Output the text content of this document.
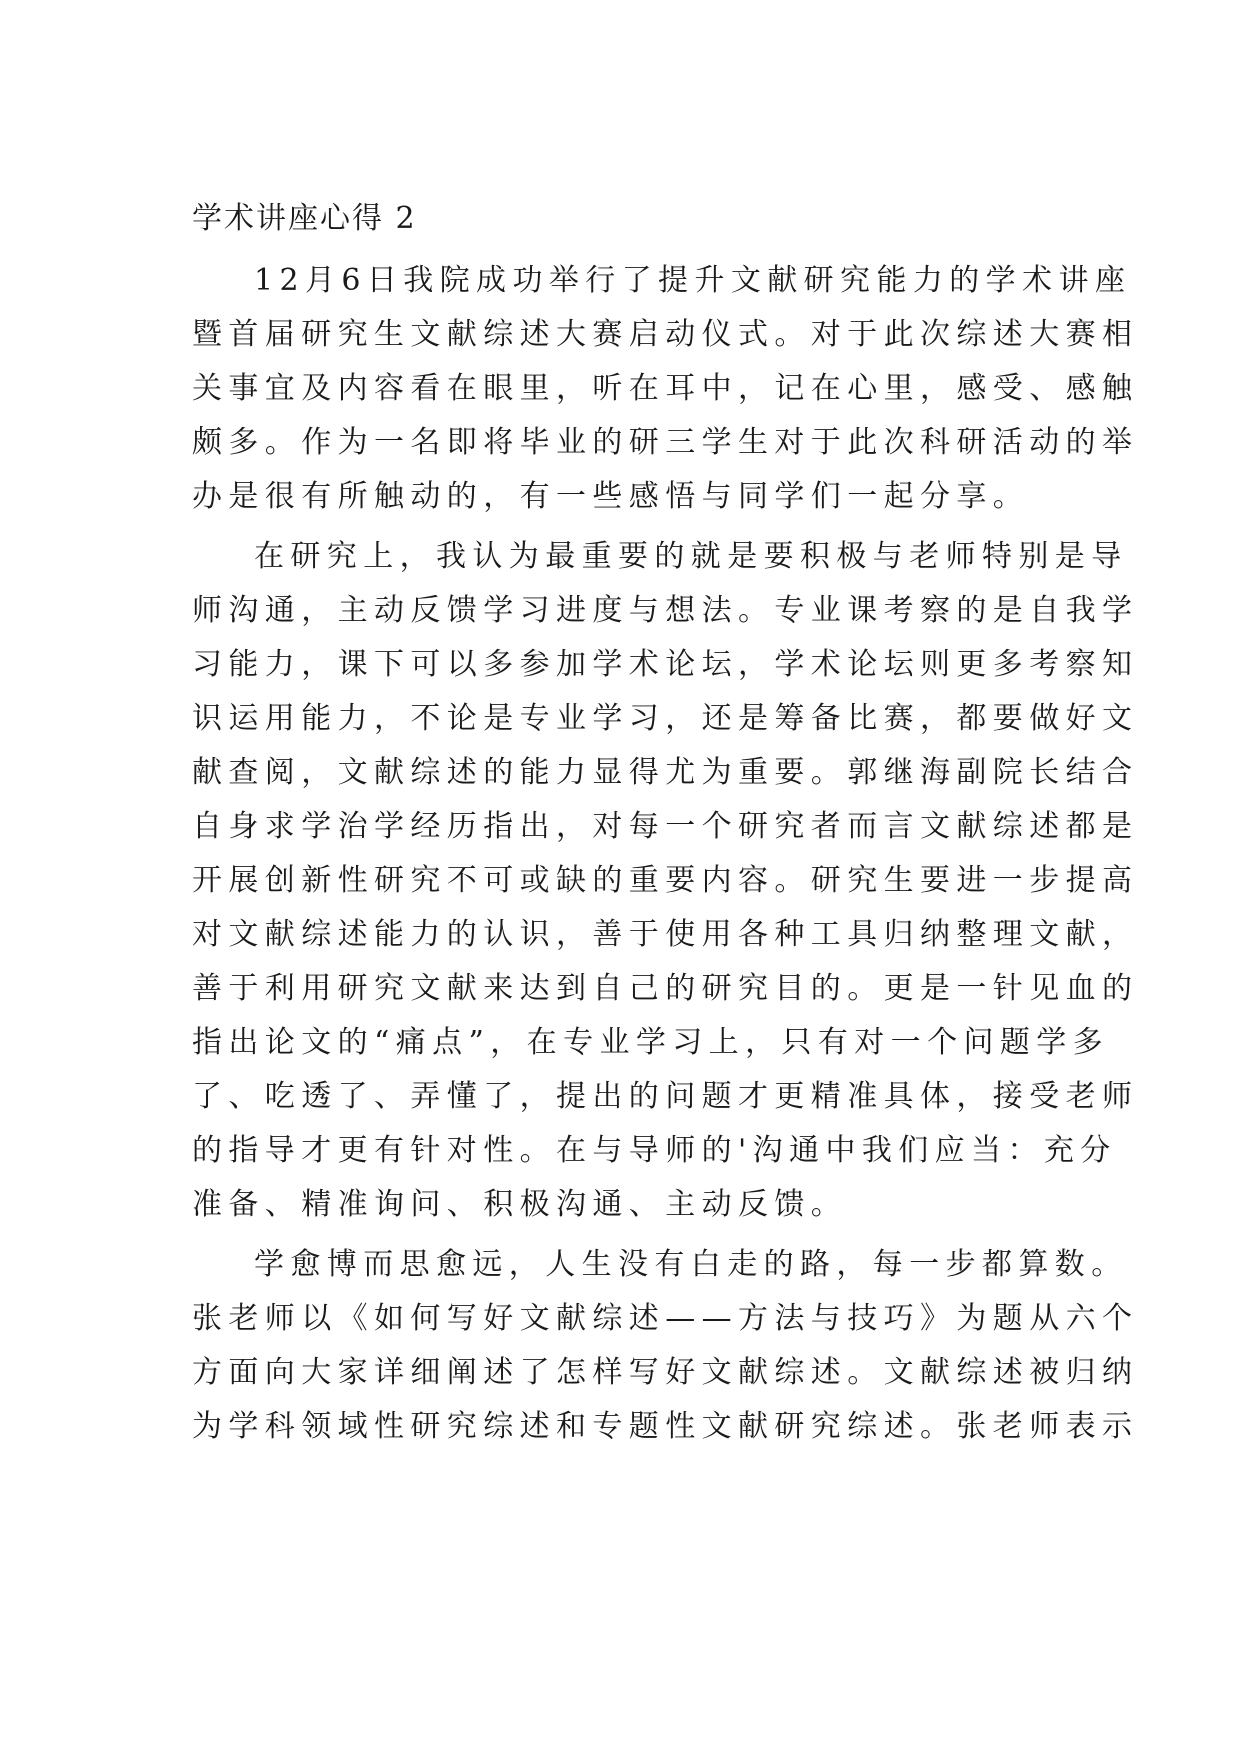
学术讲座心得 2

12月6日我院成功举行了提升文献研究能力的学术讲座

暨首届研究生文献综述大赛启动仪式。对于此次综述大赛相

关事宜及内容看在眼里，听在耳中，记在心里，感受、感触

颇多。作为一名即将毕业的研三学生对于此次科研活动的举

办是很有所触动的，有一些感悟与同学们一起分享。

在研究上，我认为最重要的就是要积极与老师特别是导

师沟通，主动反馈学习进度与想法。专业课考察的是自我学

习能力，课下可以多参加学术论坛，学术论坛则更多考察知

识运用能力，不论是专业学习，还是筹备比赛，都要做好文

献查阅，文献综述的能力显得尤为重要。郭继海副院长结合

自身求学治学经历指出，对每一个研究者而言文献综述都是

开展创新性研究不可或缺的重要内容。研究生要进一步提高

对文献综述能力的认识，善于使用各种工具归纳整理文献，

善于利用研究文献来达到自己的研究目的。更是一针见血的

指出论文的“痛点”，在专业学习上，只有对一个问题学多

了、吃透了、弄懂了，提出的问题才更精准具体，接受老师

的指导才更有针对性。在与导师的'沟通中我们应当：充分

准备、精准询问、积极沟通、主动反馈。

学愈博而思愈远，人生没有白走的路，每一步都算数。

张老师以《如何写好文献综述——方法与技巧》为题从六个

方面向大家详细阐述了怎样写好文献综述。文献综述被归纳

为学科领域性研究综述和专题性文献研究综述。张老师表示
